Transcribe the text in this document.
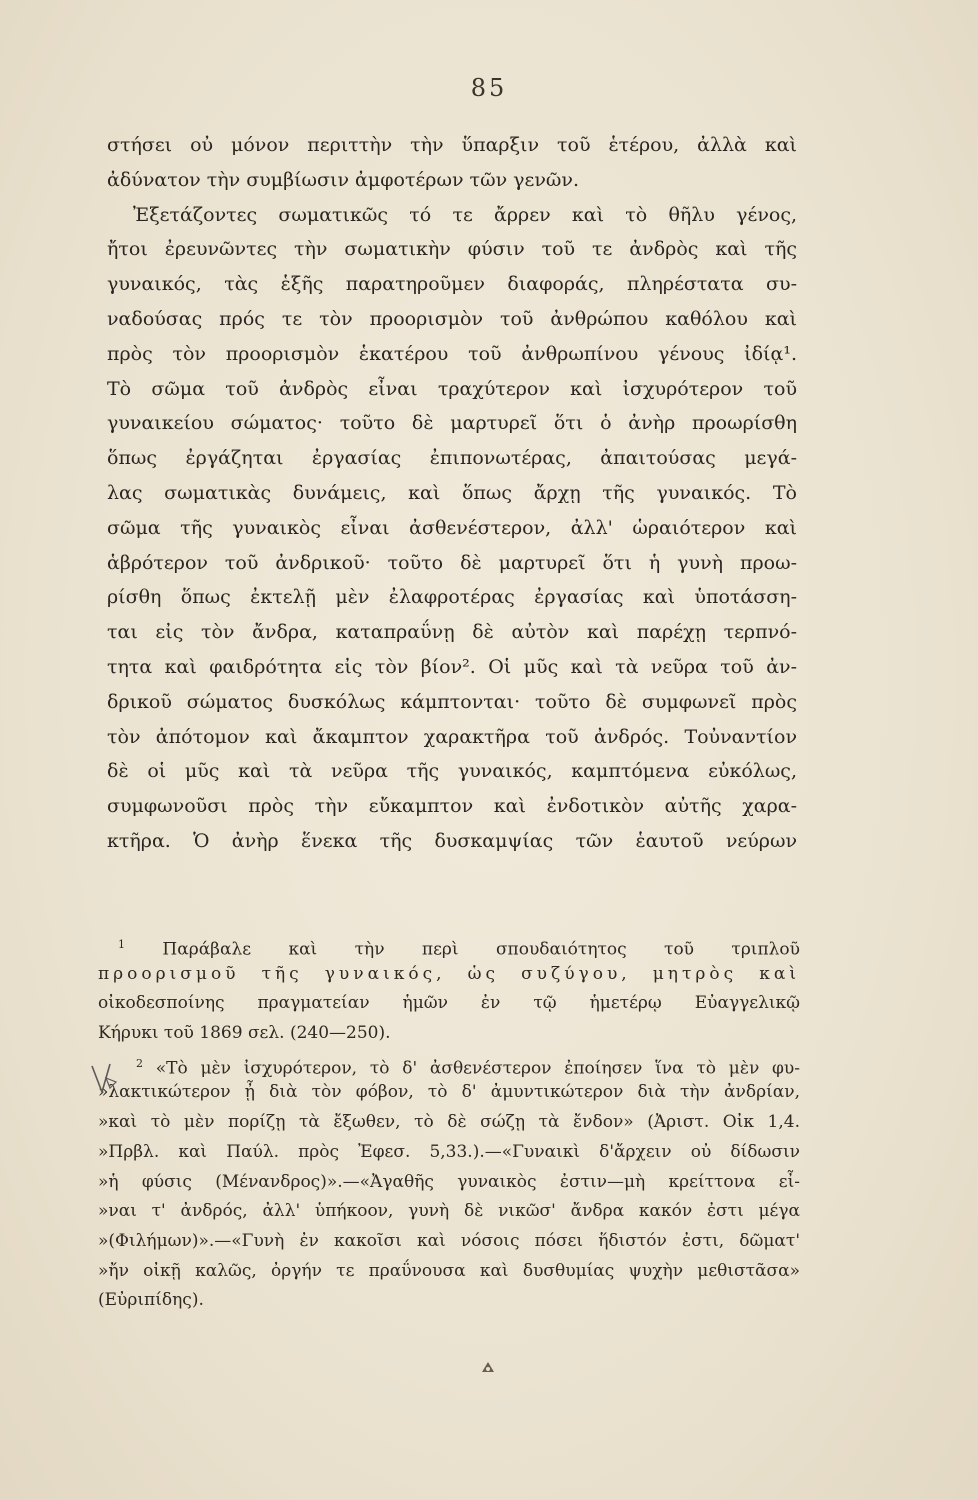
85
στήσει οὐ μόνον περιττὴν τὴν ὕπαρξιν τοῦ ἑτέρου, ἀλλὰ καὶ
ἀδύνατον τὴν συμβίωσιν ἀμφοτέρων τῶν γενῶν.
Ἐξετάζοντες σωματικῶς τό τε ἄρρεν καὶ τὸ θῆλυ γένος,
ἤτοι ἐρευνῶντες τὴν σωματικὴν φύσιν τοῦ τε ἀνδρὸς καὶ τῆς
γυναικός, τὰς ἑξῆς παρατηροῦμεν διαφοράς, πληρέστατα συ-
ναδούσας πρός τε τὸν προορισμὸν τοῦ ἀνθρώπου καθόλου καὶ
πρὸς τὸν προορισμὸν ἑκατέρου τοῦ ἀνθρωπίνου γένους ἰδίᾳ¹.
Τὸ σῶμα τοῦ ἀνδρὸς εἶναι τραχύτερον καὶ ἰσχυρότερον τοῦ
γυναικείου σώματος· τοῦτο δὲ μαρτυρεῖ ὅτι ὁ ἀνὴρ προωρίσθη
ὅπως ἐργάζηται ἐργασίας ἐπιπονωτέρας, ἀπαιτούσας μεγά-
λας σωματικὰς δυνάμεις, καὶ ὅπως ἄρχῃ τῆς γυναικός. Τὸ
σῶμα τῆς γυναικὸς εἶναι ἀσθενέστερον, ἀλλ' ὡραιότερον καὶ
ἁβρότερον τοῦ ἀνδρικοῦ· τοῦτο δὲ μαρτυρεῖ ὅτι ἡ γυνὴ προω-
ρίσθη ὅπως ἐκτελῇ μὲν ἐλαφροτέρας ἐργασίας καὶ ὑποτάσση-
ται εἰς τὸν ἄνδρα, καταπραΰνῃ δὲ αὐτὸν καὶ παρέχῃ τερπνό-
τητα καὶ φαιδρότητα εἰς τὸν βίον². Οἱ μῦς καὶ τὰ νεῦρα τοῦ ἀν-
δρικοῦ σώματος δυσκόλως κάμπτονται· τοῦτο δὲ συμφωνεῖ πρὸς
τὸν ἀπότομον καὶ ἄκαμπτον χαρακτῆρα τοῦ ἀνδρός. Τοὐναντίον
δὲ οἱ μῦς καὶ τὰ νεῦρα τῆς γυναικός, καμπτόμενα εὐκόλως,
συμφωνοῦσι πρὸς τὴν εὔκαμπτον καὶ ἐνδοτικὸν αὐτῆς χαρα-
κτῆρα. Ὁ ἀνὴρ ἕνεκα τῆς δυσκαμψίας τῶν ἑαυτοῦ νεύρων
$^1$ Παράβαλε καὶ τὴν περὶ σπουδαιότητος τοῦ τριπλοῦ
προορισμοῦ τῆς γυναικός, ὡς συζύγου, μητρὸς καὶ
οἰκοδεσποίνης πραγματείαν ἡμῶν ἐν τῷ ἡμετέρῳ Εὐαγγελικῷ
Κήρυκι τοῦ 1869 σελ. (240—250).
$^2$ «Τὸ μὲν ἰσχυρότερον, τὸ δ' ἀσθενέστερον ἐποίησεν ἵνα τὸ μὲν φυ-
»λακτικώτερον ᾖ διὰ τὸν φόβον, τὸ δ' ἀμυντικώτερον διὰ τὴν ἀνδρίαν,
»καὶ τὸ μὲν πορίζῃ τὰ ἔξωθεν, τὸ δὲ σώζῃ τὰ ἔνδον» (Ἀριστ. Οἰκ 1,4.
»Πρβλ. καὶ Παύλ. πρὸς Ἐφεσ. 5,33.).—«Γυναικὶ δ'ἄρχειν οὐ δίδωσιν
»ἡ φύσις (Μένανδρος)».—«Ἀγαθῆς γυναικὸς ἐστιν—μὴ κρείττονα εἶ-
»ναι τ' ἀνδρός, ἀλλ' ὑπήκοον, γυνὴ δὲ νικῶσ' ἄνδρα κακόν ἐστι μέγα
»(Φιλήμων)».—«Γυνὴ ἐν κακοῖσι καὶ νόσοις πόσει ἥδιστόν ἐστι, δῶματ'
»ἤν οἰκῇ καλῶς, ὀργήν τε πραΰνουσα καὶ δυσθυμίας ψυχὴν μεθιστᾶσα»
(Εὐριπίδης).
